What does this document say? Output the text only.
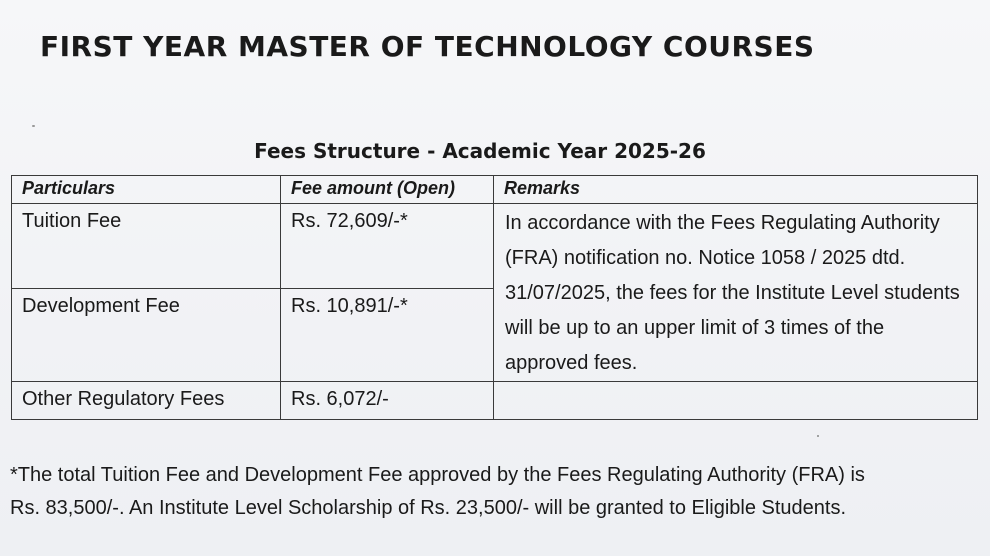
FIRST YEAR MASTER OF TECHNOLOGY COURSES
Fees Structure - Academic Year 2025-26
Particulars	Fee amount (Open)	Remarks
Tuition Fee	Rs. 72,609/-*	In accordance with the Fees Regulating Authority (FRA) notification no. Notice 1058 / 2025 dtd. 31/07/2025, the fees for the Institute Level students will be up to an upper limit of 3 times of the approved fees.

Development Fee	Rs. 10,891/-*	
Other Regulatory Fees	Rs. 6,072/-	

*The total Tuition Fee and Development Fee approved by the Fees Regulating Authority (FRA) is

Rs. 83,500/-. An Institute Level Scholarship of Rs. 23,500/- will be granted to Eligible Students.
